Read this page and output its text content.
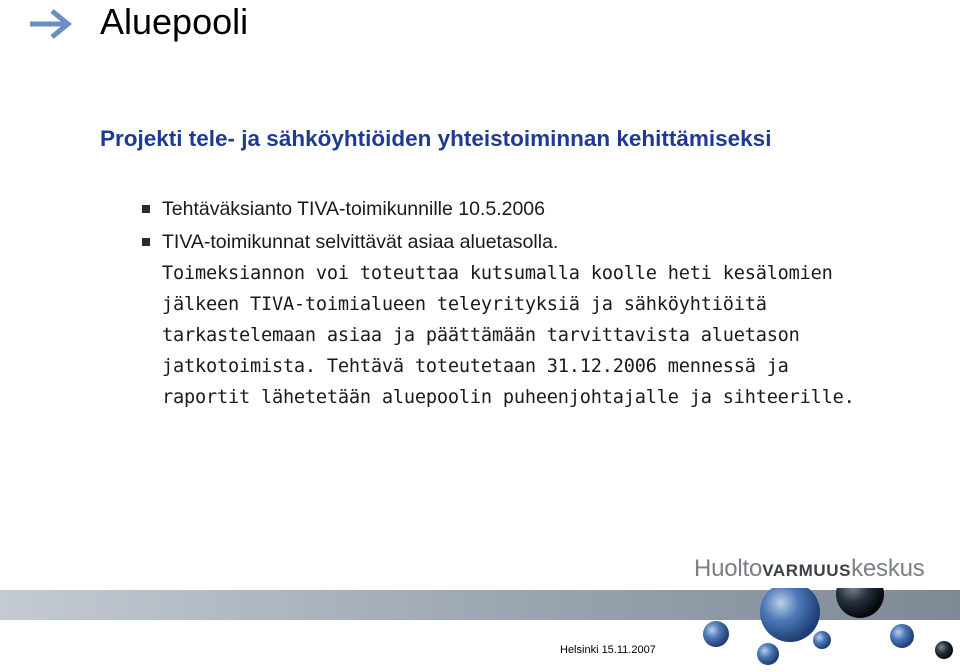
Aluepooli

Projekti tele- ja sähköyhtiöiden yhteistoiminnan kehittämiseksi

Tehtäväksianto TIVA-toimikunnille 10.5.2006
TIVA-toimikunnat selvittävät asiaa aluetasolla.
Toimeksiannon voi toteuttaa kutsumalla koolle heti kesälomien jälkeen TIVA-toimialueen teleyrityksiä ja sähköyhtiöitä tarkastelemaan asiaa ja päättämään tarvittavista aluetason jatkotoimista. Tehtävä toteutetaan 31.12.2006 mennessä ja raportit lähetetään aluepoolin puheenjohtajalle ja sihteerille.
HuoltoVARMUUSkeskus
Helsinki 15.11.2007
